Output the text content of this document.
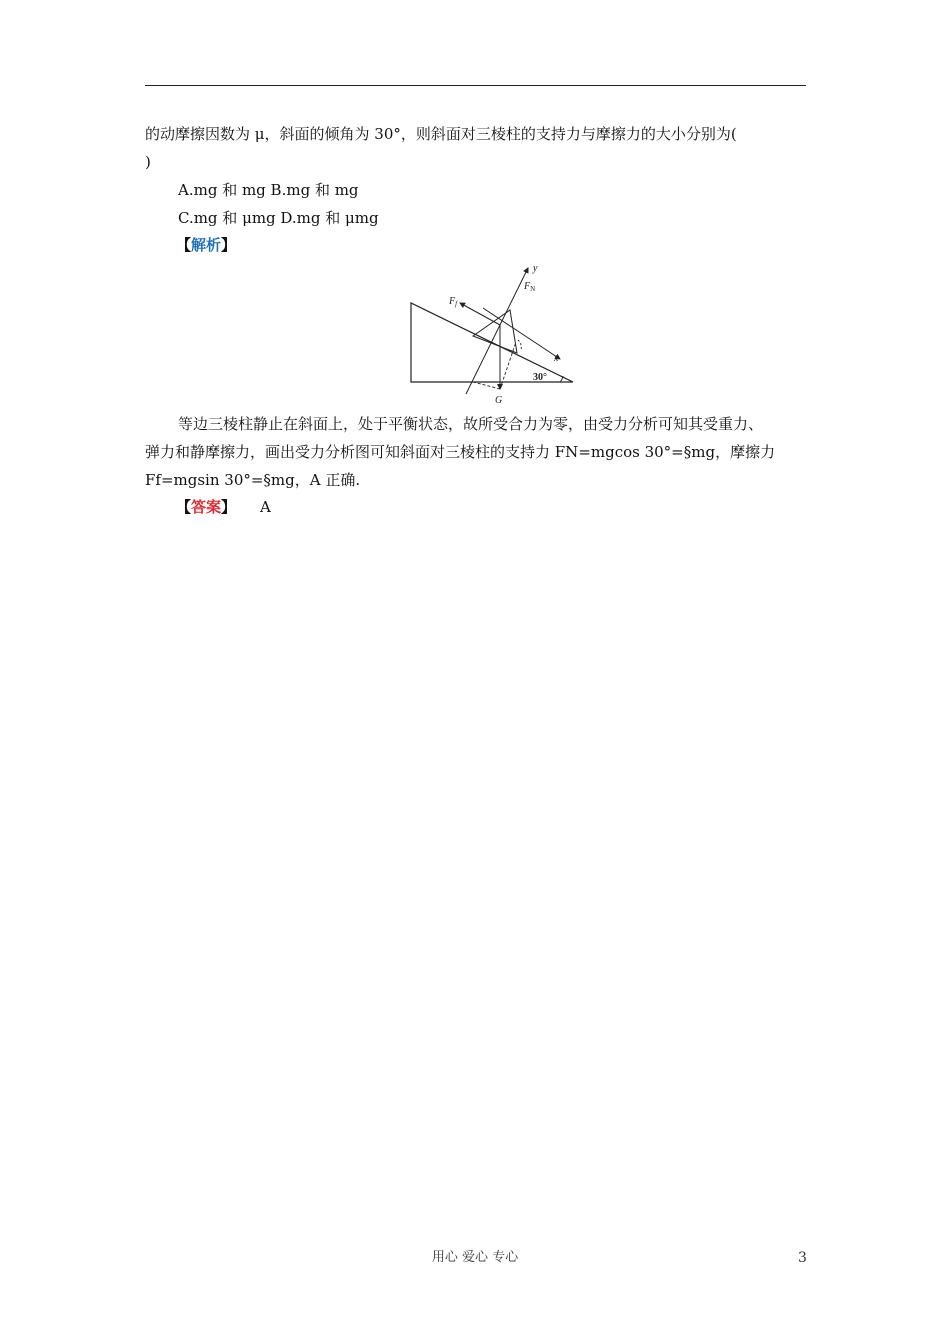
的动摩擦因数为 μ，斜面的倾角为 30°，则斜面对三棱柱的支持力与摩擦力的大小分别为(
)
A.mg 和 mg B.mg 和 mg
C.mg 和 μmg D.mg 和 μmg
【解析】
y
x
$F_N$
$F_f$
G
30°
等边三棱柱静止在斜面上，处于平衡状态，故所受合力为零，由受力分析可知其受重力、
弹力和静摩擦力，画出受力分析图可知斜面对三棱柱的支持力 FN=mgcos 30°=§mg，摩擦力
Ff=mgsin 30°=§mg，A 正确.
【答案】 A
用心 爱心 专心	3
